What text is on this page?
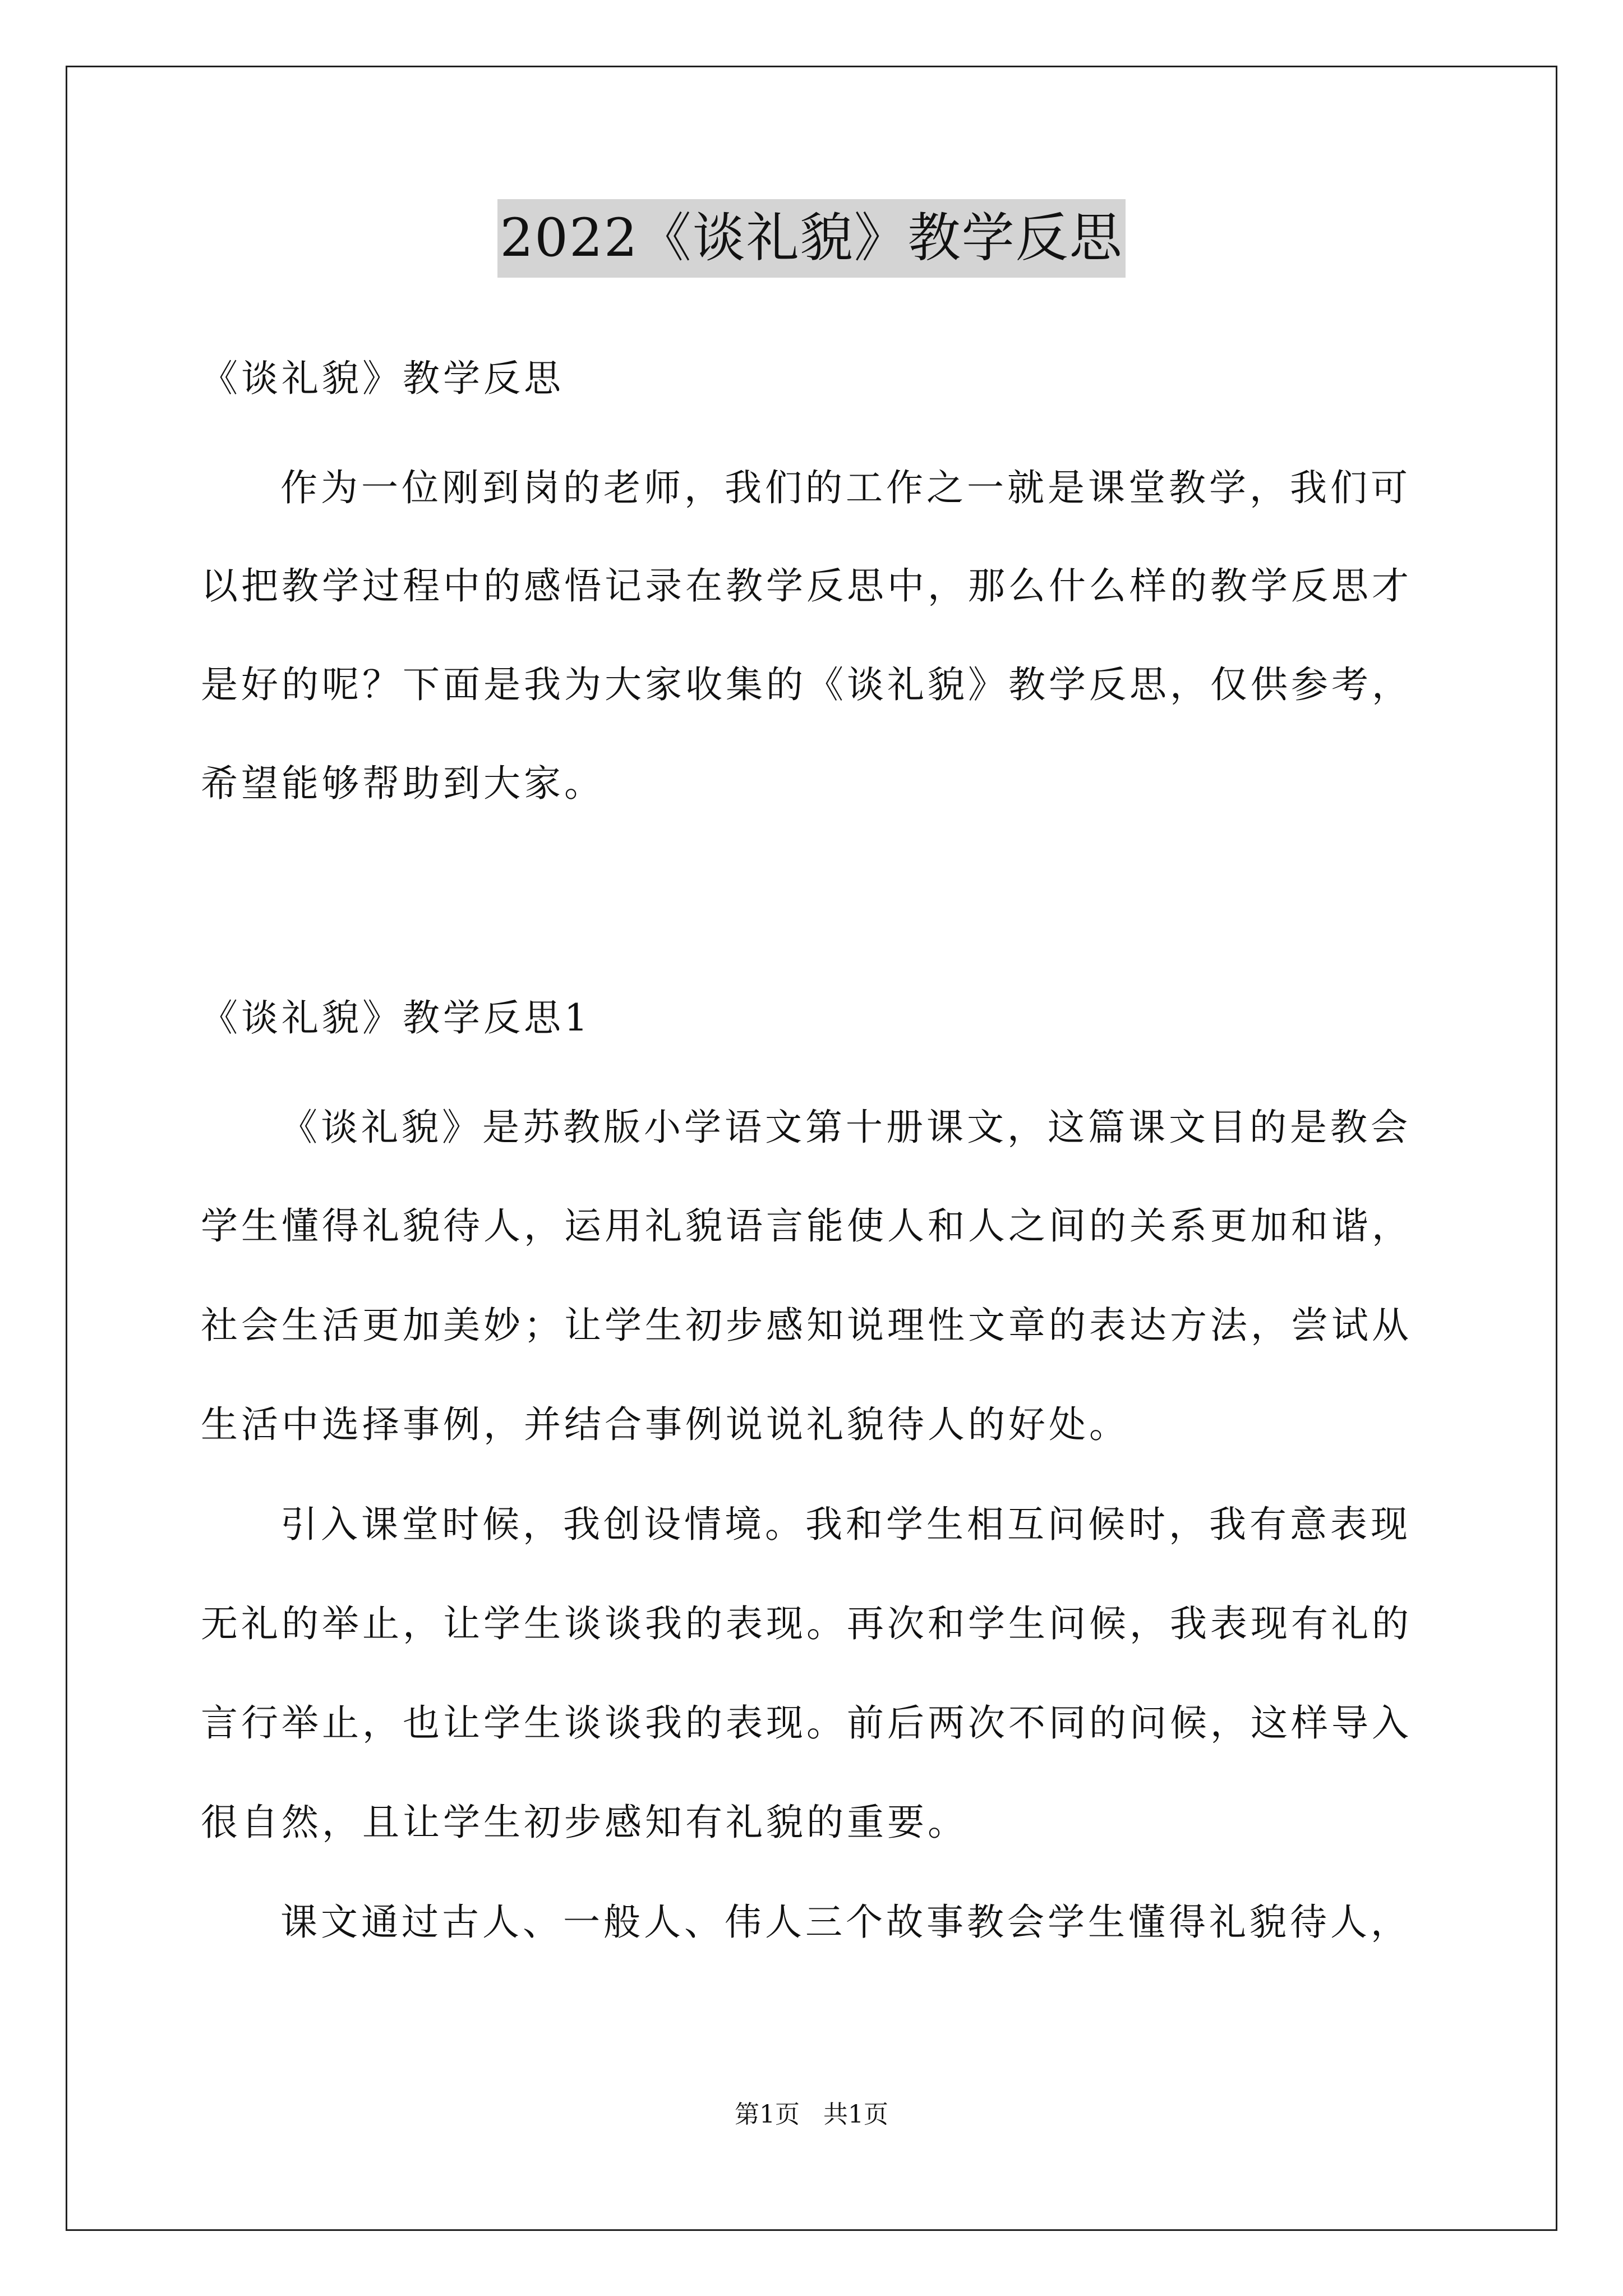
2022《谈礼貌》教学反思
《谈礼貌》教学反思
作为一位刚到岗的老师，我们的工作之一就是课堂教学，我们可
以把教学过程中的感悟记录在教学反思中，那么什么样的教学反思才
是好的呢？下面是我为大家收集的《谈礼貌》教学反思，仅供参考，
希望能够帮助到大家。
《谈礼貌》教学反思1
《谈礼貌》是苏教版小学语文第十册课文，这篇课文目的是教会
学生懂得礼貌待人，运用礼貌语言能使人和人之间的关系更加和谐，
社会生活更加美妙；让学生初步感知说理性文章的表达方法，尝试从
生活中选择事例，并结合事例说说礼貌待人的好处。
引入课堂时候，我创设情境。我和学生相互问候时，我有意表现
无礼的举止，让学生谈谈我的表现。再次和学生问候，我表现有礼的
言行举止，也让学生谈谈我的表现。前后两次不同的问候，这样导入
很自然，且让学生初步感知有礼貌的重要。
课文通过古人、一般人、伟人三个故事教会学生懂得礼貌待人，
第1页 共1页
